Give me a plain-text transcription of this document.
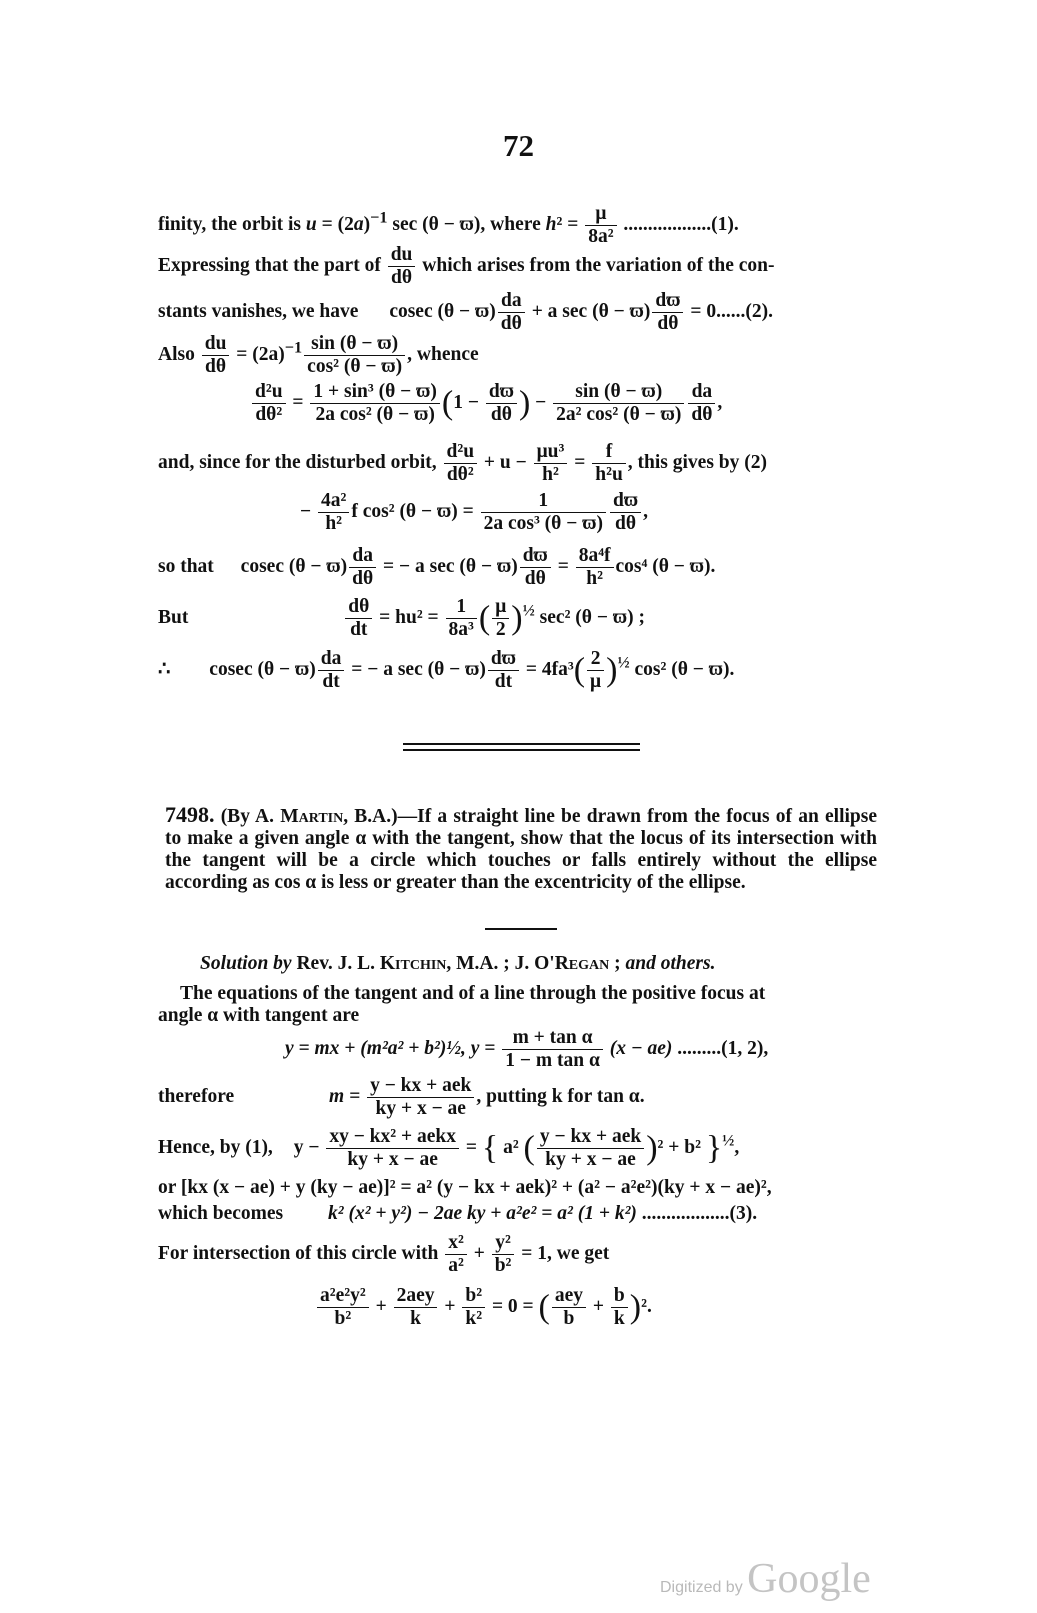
72
finity, the orbit is $u = (2a)^{-1}$ sec (θ − ϖ), where $h^2 = \frac{\mu}{\text{8a²}} ..................(1)$.
Expressing that the part of $\frac{du}{d\theta}$ which arises from the variation of the con-
stants vanishes, we have cosec $(\theta - ϖ) \frac{da}{d\theta} + a$ $\sec (\theta - ϖ) \frac{dϖ}{d\theta} = 0......(2)$.
Also $\frac{du}{d\theta} = (2a)^{-1} \frac{\sin (\theta - ϖ)}{\text{cos² (θ − ϖ)}}$ , whence
$\frac{\text{d²u}}{\text{dθ²}} = \frac{\text{1 + sin³ (θ − ϖ)}}{\text{2a cos² (θ − ϖ)}} (1 - \frac{dϖ}{d\theta}$ ) − $\frac{\sin (\theta - ϖ)}{\text{2a² cos² (θ − ϖ)}} \frac{da}{d\theta}$ ,
and, since for the disturbed orbit, $\frac{\text{d²u}}{\text{dθ²}} + u - \frac{\text{μu³}}{\text{h²}} = \frac{f}{\text{h²u}}$ , this gives by (2)
− $\frac{\text{4a²}}{\text{h²}}$ f cos² $(\theta - ϖ) = \frac{1}{\text{2a cos³ (θ − ϖ)}} \frac{dϖ}{d\theta}$ ,
so that cosec $(\theta - ϖ) \frac{da}{d\theta}$ = − a $\sec (\theta - ϖ) \frac{dϖ}{d\theta} = \frac{\text{8a⁴f}}{\text{h²}} \cos^4$ (θ − ϖ).
But	$\frac{d\theta}{dt} = hu^2 = \frac{1}{\text{8a³}}$ ( $\frac{\mu}{2} )^{\frac{1}{2}}$ sec² (θ − ϖ) ;
∴ cosec $(\theta - ϖ) \frac{da}{dt}$ = − a $\sec (\theta - ϖ) \frac{dϖ}{dt} = 4fa^3( \frac{2}{\mu} )^{\frac{1}{2}}$ cos² (θ − ϖ).
7498. (By A. Martin, B.A.)—If a straight line be drawn from the focus of an ellipse to make a given angle α with the tangent, show that the locus of its intersection with the tangent will be a circle which touches or falls entirely without the ellipse according as cos α is less or greater than the excentricity of the ellipse.
Solution by Rev. J. L. Kitchin, M.A. ; J. O'Regan ; and others.
The equations of the tangent and of a line through the positive focus at
angle α with tangent are
y = mx + (m²a² + b²)½, $y = \frac{\text{m + tan α}}{\text{1 − m tan α}} (x - ae)$ .........(1, 2),
therefore	$m = \frac{\text{y − kx + aek}}{ky + x - ae}$ , putting k for tan α.
Hence, by (1), $y - \frac{\text{xy − kx² + aekx}}{ky + x - ae}$ = { a² ( $\frac{\text{y − kx + aek}}{ky + x - ae} )^2 + b^2$ }$^{\frac{1}{2}}$,
or [kx (x − ae) + y (ky − ae)]² = a² (y − kx + aek)² + (a² − a²e²)(ky + x − ae)²,
which becomes k² (x² + y²) − 2ae ky + a²e² = a² (1 + k²) ..................(3).
For intersection of this circle with $\frac{\text{x²}}{\text{a²}} + \frac{\text{y²}}{\text{b²}} = 1$, we get
$\frac{\text{a²e²y²}}{\text{b²}} + \frac{\text{2aey}}{k} + \frac{\text{b²}}{\text{k²}} = 0$ = ( $\frac{\text{aey}}{b} + \frac{b}{k} )^2$.
Digitized by Google
